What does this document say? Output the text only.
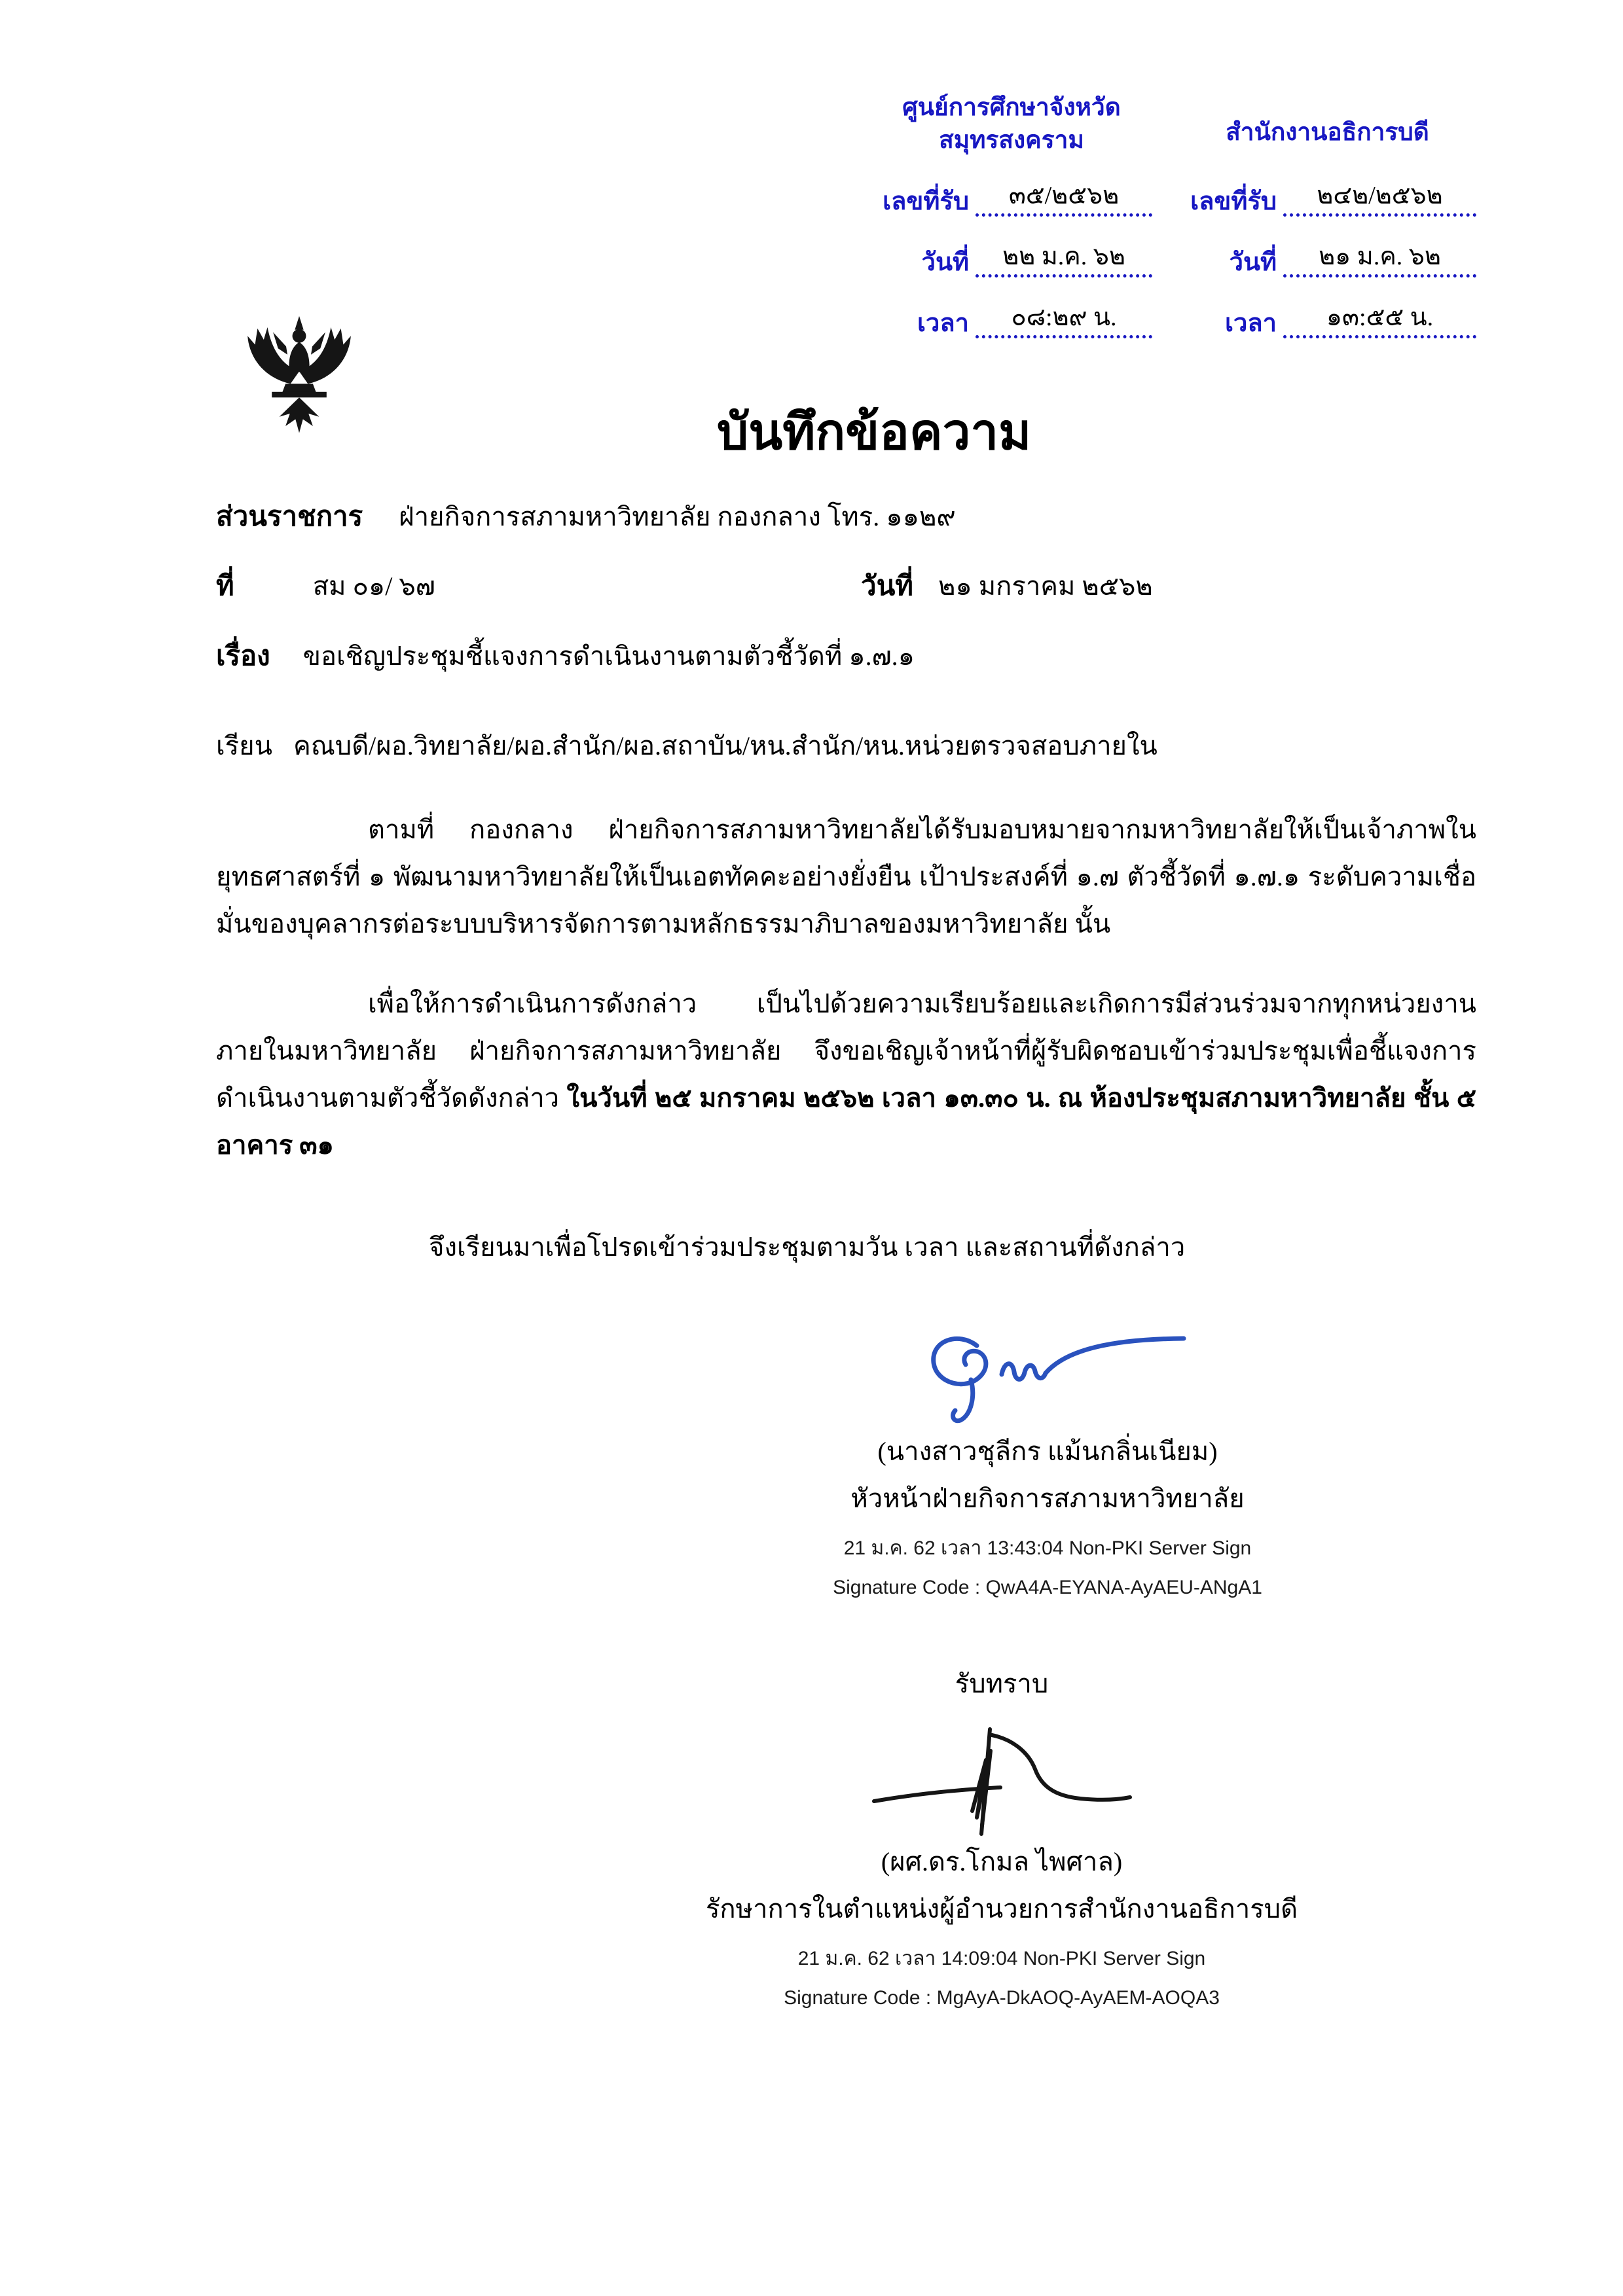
ศูนย์การศึกษาจังหวัด
สมุทรสงคราม
เลขที่รับ	๓๕/๒๕๖๒
วันที่	๒๒ ม.ค. ๖๒
เวลา	๐๘:๒๙ น.
สำนักงานอธิการบดี
เลขที่รับ	๒๔๒/๒๕๖๒
วันที่	๒๑ ม.ค. ๖๒
เวลา	๑๓:๕๕ น.
บันทึกข้อความ
ส่วนราชการ ฝ่ายกิจการสภามหาวิทยาลัย กองกลาง โทร. ๑๑๒๙
ที่	สม ๐๑/ ๖๗	วันที่ ๒๑ มกราคม ๒๕๖๒
เรื่อง ขอเชิญประชุมชี้แจงการดำเนินงานตามตัวชี้วัดที่ ๑.๗.๑
เรียน คณบดี/ผอ.วิทยาลัย/ผอ.สำนัก/ผอ.สถาบัน/หน.สำนัก/หน.หน่วยตรวจสอบภายใน
ตามที่ กองกลาง ฝ่ายกิจการสภามหาวิทยาลัยได้รับมอบหมายจากมหาวิทยาลัยให้เป็นเจ้าภาพในยุทธศาสตร์ที่ ๑ พัฒนามหาวิทยาลัยให้เป็นเอตทัคคะอย่างยั่งยืน เป้าประสงค์ที่ ๑.๗ ตัวชี้วัดที่ ๑.๗.๑ ระดับความเชื่อมั่นของบุคลากรต่อระบบบริหารจัดการตามหลักธรรมาภิบาลของมหาวิทยาลัย นั้น
เพื่อให้การดำเนินการดังกล่าว เป็นไปด้วยความเรียบร้อยและเกิดการมีส่วนร่วมจากทุกหน่วยงานภายในมหาวิทยาลัย ฝ่ายกิจการสภามหาวิทยาลัย จึงขอเชิญเจ้าหน้าที่ผู้รับผิดชอบเข้าร่วมประชุมเพื่อชี้แจงการดำเนินงานตามตัวชี้วัดดังกล่าว ในวันที่ ๒๕ มกราคม ๒๕๖๒ เวลา ๑๓.๓๐ น. ณ ห้องประชุมสภามหาวิทยาลัย ชั้น ๕ อาคาร ๓๑
จึงเรียนมาเพื่อโปรดเข้าร่วมประชุมตามวัน เวลา และสถานที่ดังกล่าว
(นางสาวชุลีกร แม้นกลิ่นเนียม)
หัวหน้าฝ่ายกิจการสภามหาวิทยาลัย
21 ม.ค. 62 เวลา 13:43:04 Non-PKI Server Sign
Signature Code : QwA4A-EYANA-AyAEU-ANgA1
รับทราบ
(ผศ.ดร.โกมล ไพศาล)
รักษาการในตำแหน่งผู้อำนวยการสำนักงานอธิการบดี
21 ม.ค. 62 เวลา 14:09:04 Non-PKI Server Sign
Signature Code : MgAyA-DkAOQ-AyAEM-AOQA3
